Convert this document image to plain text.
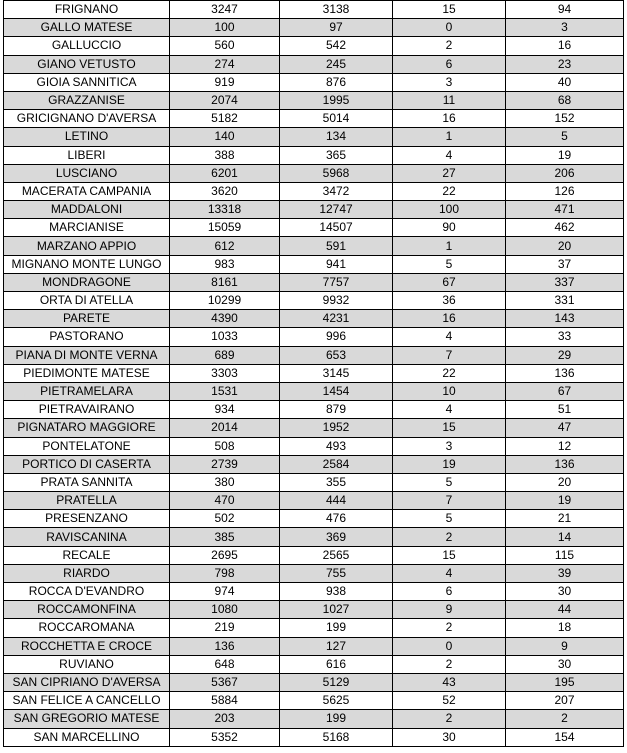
FRIGNANO	3247	3138	15	94
GALLO MATESE	100	97	0	3
GALLUCCIO	560	542	2	16
GIANO VETUSTO	274	245	6	23
GIOIA SANNITICA	919	876	3	40
GRAZZANISE	2074	1995	11	68
GRICIGNANO D'AVERSA	5182	5014	16	152
LETINO	140	134	1	5
LIBERI	388	365	4	19
LUSCIANO	6201	5968	27	206
MACERATA CAMPANIA	3620	3472	22	126
MADDALONI	13318	12747	100	471
MARCIANISE	15059	14507	90	462
MARZANO APPIO	612	591	1	20
MIGNANO MONTE LUNGO	983	941	5	37
MONDRAGONE	8161	7757	67	337
ORTA DI ATELLA	10299	9932	36	331
PARETE	4390	4231	16	143
PASTORANO	1033	996	4	33
PIANA DI MONTE VERNA	689	653	7	29
PIEDIMONTE MATESE	3303	3145	22	136
PIETRAMELARA	1531	1454	10	67
PIETRAVAIRANO	934	879	4	51
PIGNATARO MAGGIORE	2014	1952	15	47
PONTELATONE	508	493	3	12
PORTICO DI CASERTA	2739	2584	19	136
PRATA SANNITA	380	355	5	20
PRATELLA	470	444	7	19
PRESENZANO	502	476	5	21
RAVISCANINA	385	369	2	14
RECALE	2695	2565	15	115
RIARDO	798	755	4	39
ROCCA D'EVANDRO	974	938	6	30
ROCCAMONFINA	1080	1027	9	44
ROCCAROMANA	219	199	2	18
ROCCHETTA E CROCE	136	127	0	9
RUVIANO	648	616	2	30
SAN CIPRIANO D'AVERSA	5367	5129	43	195
SAN FELICE A CANCELLO	5884	5625	52	207
SAN GREGORIO MATESE	203	199	2	2
SAN MARCELLINO	5352	5168	30	154
